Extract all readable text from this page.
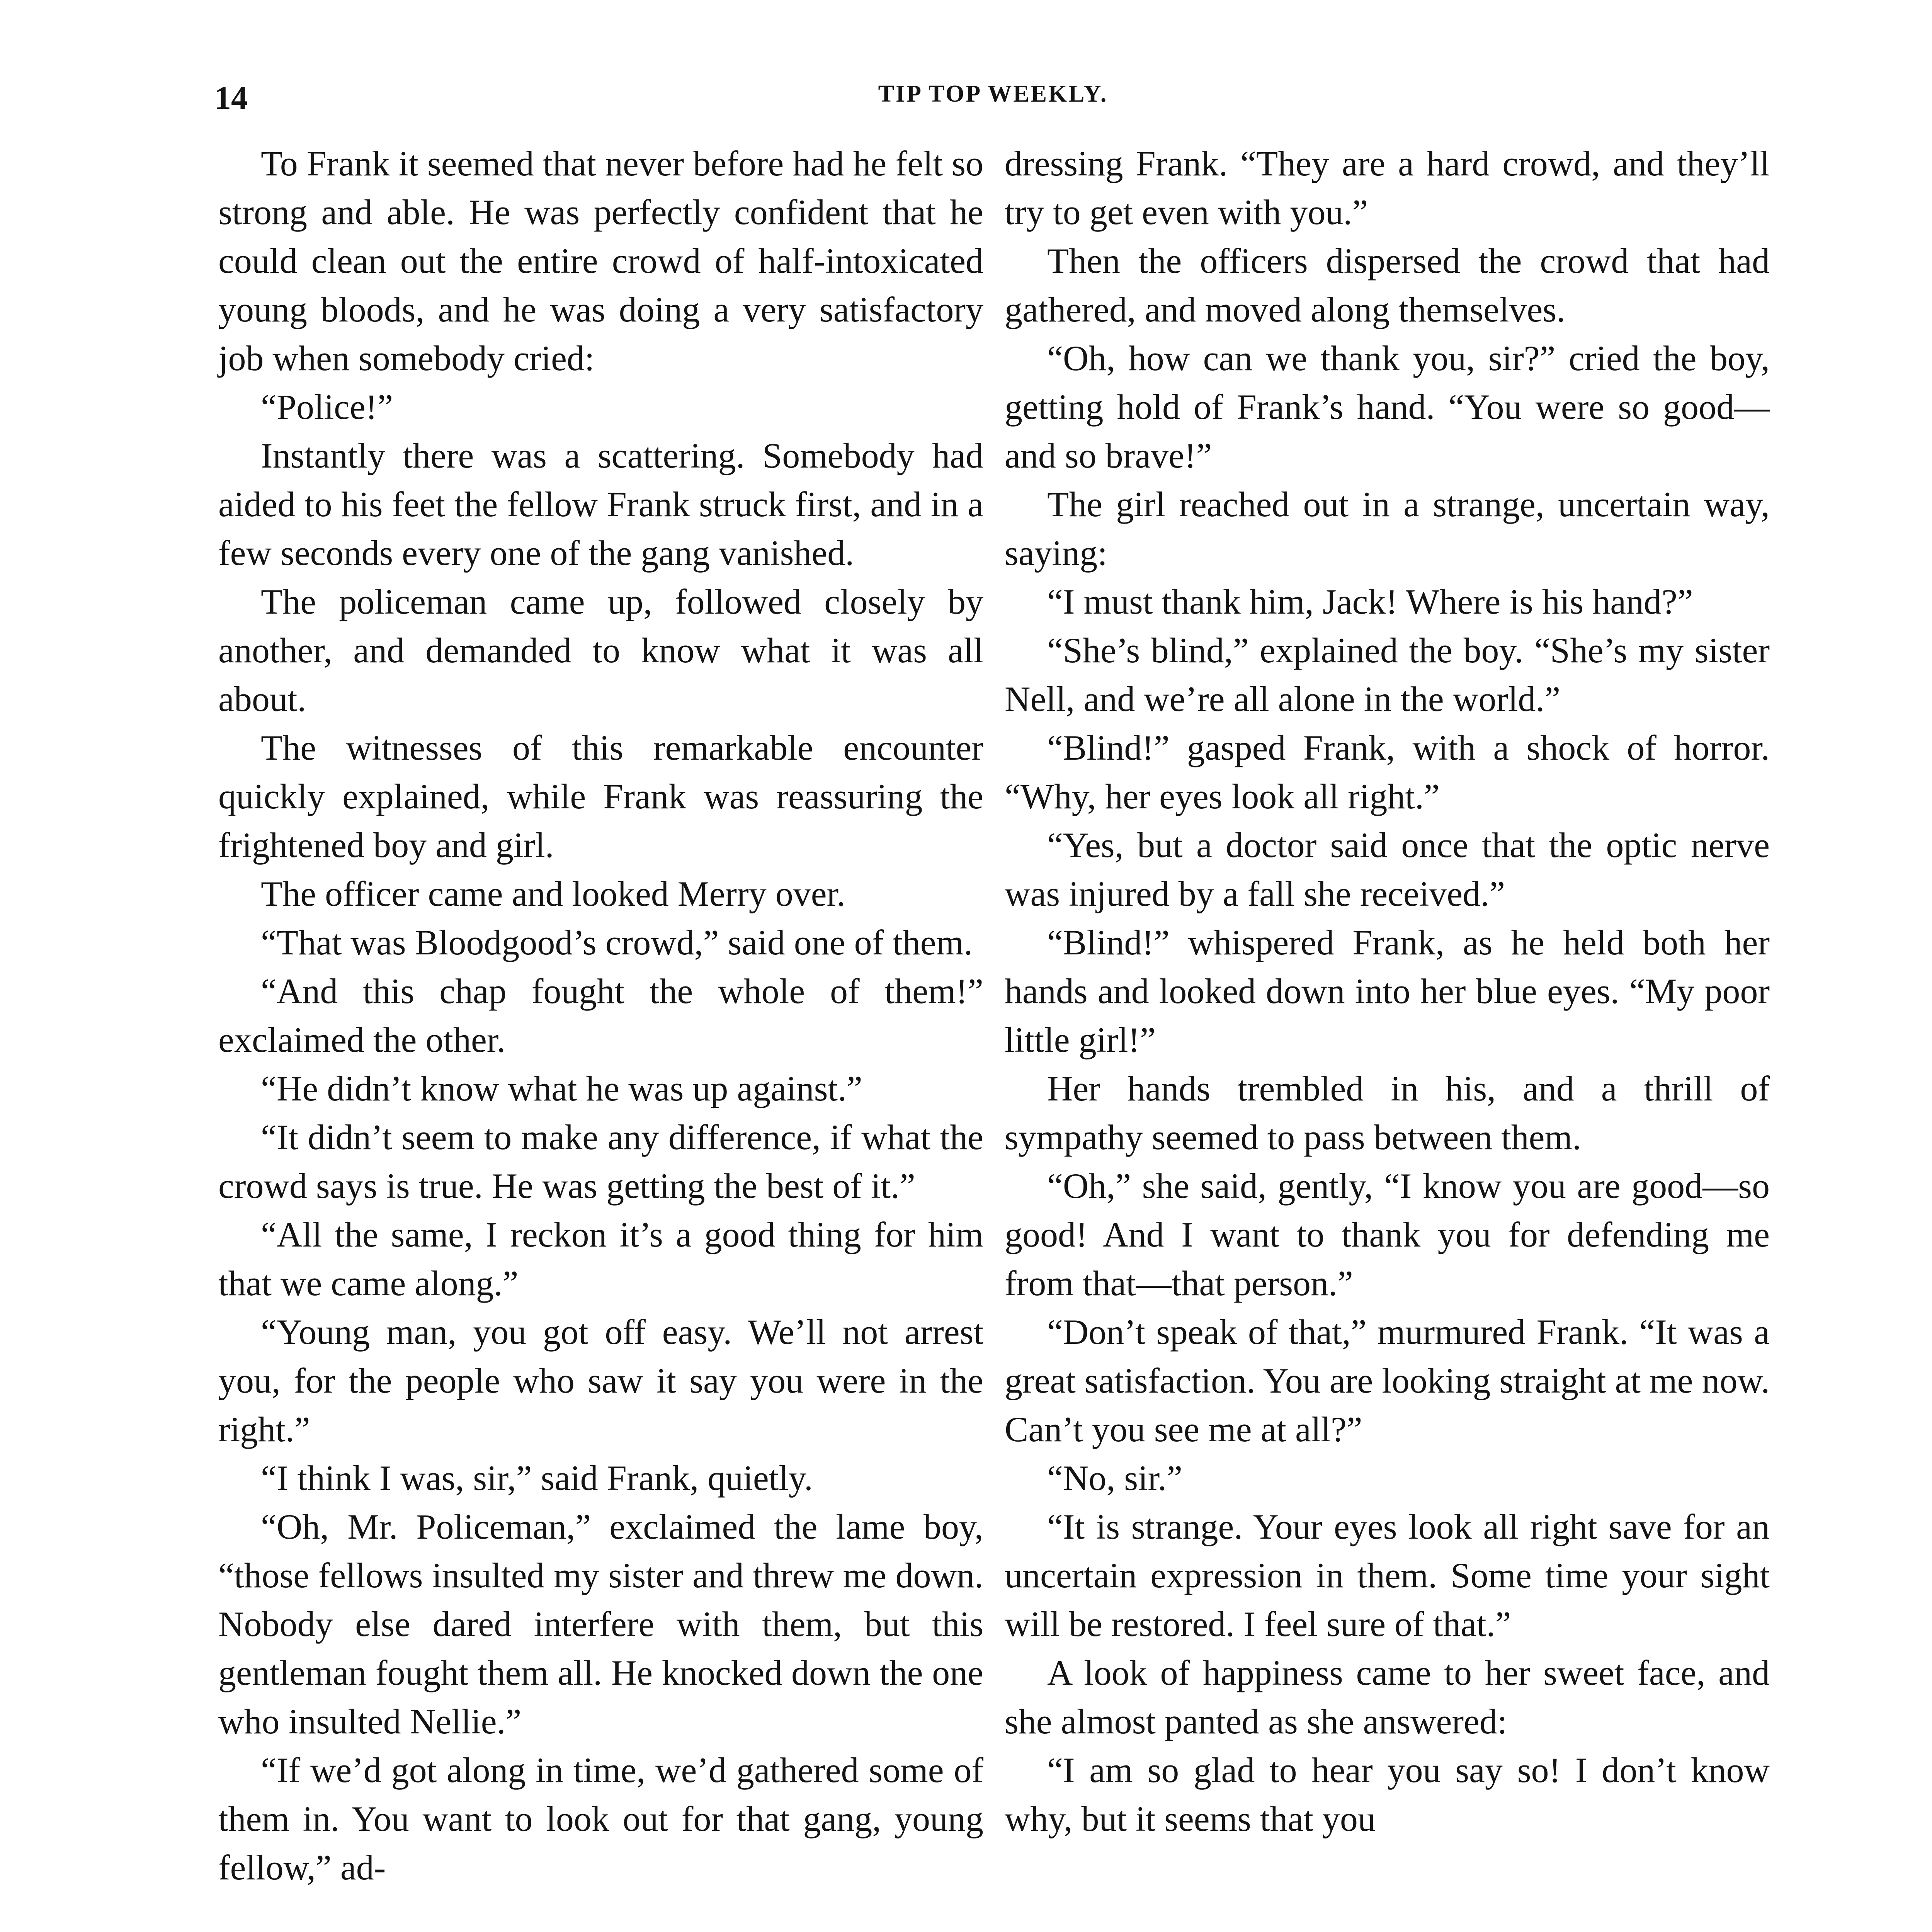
14	TIP TOP WEEKLY.

To Frank it seemed that never before had he felt so strong and able. He was perfectly confident that he could clean out the entire crowd of half-intoxicated young bloods, and he was doing a very satisfactory job when somebody cried:

“Police!”

Instantly there was a scattering. Somebody had aided to his feet the fellow Frank struck first, and in a few seconds every one of the gang vanished.

The policeman came up, followed closely by another, and demanded to know what it was all about.

The witnesses of this remarkable encounter quickly explained, while Frank was reassuring the frightened boy and girl.

The officer came and looked Merry over.

“That was Bloodgood’s crowd,” said one of them.

“And this chap fought the whole of them!” exclaimed the other.

“He didn’t know what he was up against.”

“It didn’t seem to make any difference, if what the crowd says is true. He was getting the best of it.”

“All the same, I reckon it’s a good thing for him that we came along.”

“Young man, you got off easy. We’ll not arrest you, for the people who saw it say you were in the right.”

“I think I was, sir,” said Frank, quietly.

“Oh, Mr. Policeman,” exclaimed the lame boy, “those fellows insulted my sister and threw me down. Nobody else dared interfere with them, but this gentleman fought them all. He knocked down the one who insulted Nellie.”

“If we’d got along in time, we’d gathered some of them in. You want to look out for that gang, young fellow,” ad-

dressing Frank. “They are a hard crowd, and they’ll try to get even with you.”

Then the officers dispersed the crowd that had gathered, and moved along themselves.

“Oh, how can we thank you, sir?” cried the boy, getting hold of Frank’s hand. “You were so good—and so brave!”

The girl reached out in a strange, uncertain way, saying:

“I must thank him, Jack! Where is his hand?”

“She’s blind,” explained the boy. “She’s my sister Nell, and we’re all alone in the world.”

“Blind!” gasped Frank, with a shock of horror. “Why, her eyes look all right.”

“Yes, but a doctor said once that the optic nerve was injured by a fall she received.”

“Blind!” whispered Frank, as he held both her hands and looked down into her blue eyes. “My poor little girl!”

Her hands trembled in his, and a thrill of sympathy seemed to pass between them.

“Oh,” she said, gently, “I know you are good—so good! And I want to thank you for defending me from that—that person.”

“Don’t speak of that,” murmured Frank. “It was a great satisfaction. You are looking straight at me now. Can’t you see me at all?”

“No, sir.”

“It is strange. Your eyes look all right save for an uncertain expression in them. Some time your sight will be restored. I feel sure of that.”

A look of happiness came to her sweet face, and she almost panted as she answered:

“I am so glad to hear you say so! I don’t know why, but it seems that you
